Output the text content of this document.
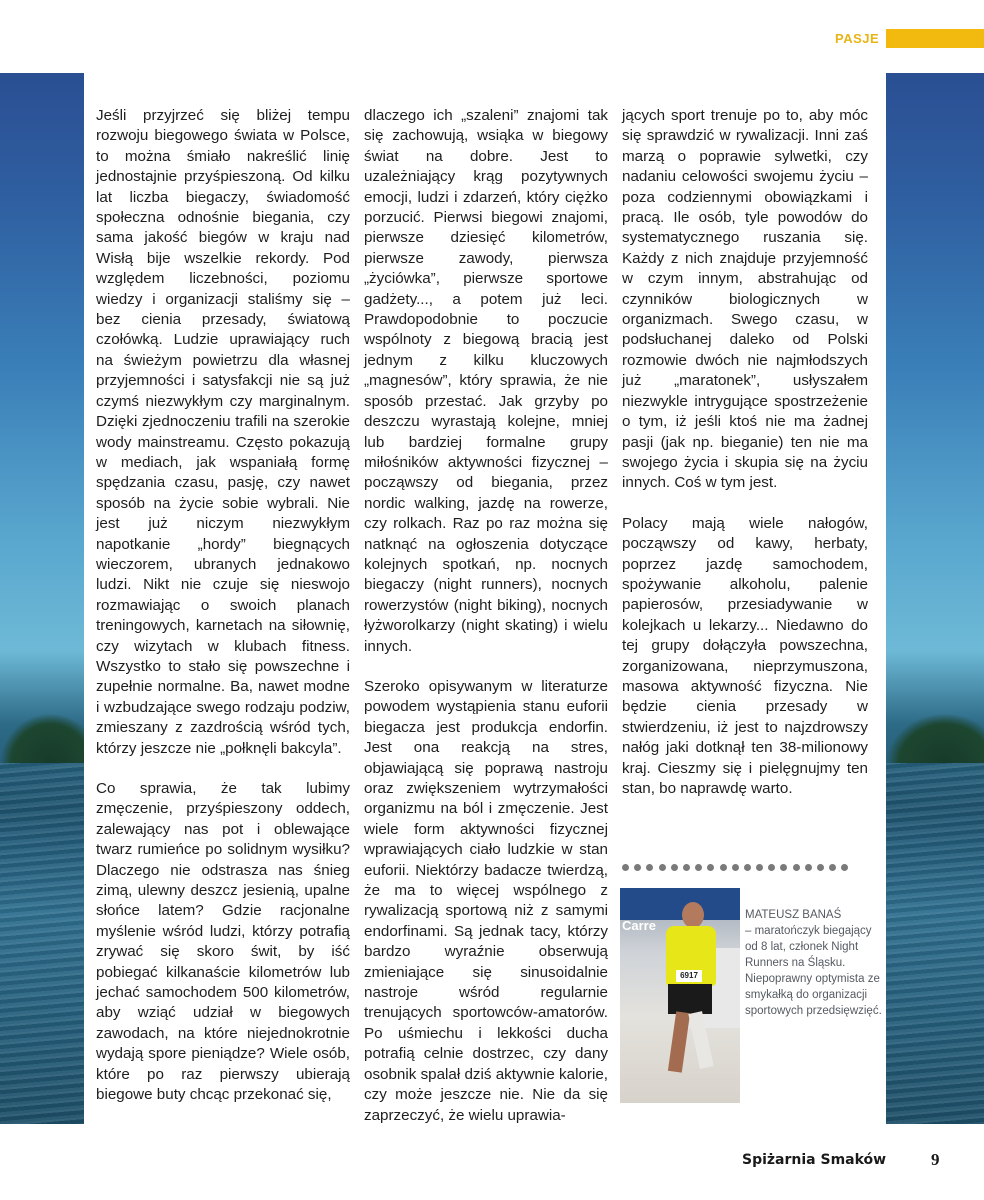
PASJE

Jeśli przyjrzeć się bliżej tempu rozwoju biegowego świata w Polsce, to można śmiało nakreślić linię jednostajnie przyśpieszoną. Od kilku lat liczba biegaczy, świadomość społeczna odnośnie biegania, czy sama jakość biegów w kraju nad Wisłą bije wszelkie rekordy. Pod względem liczebności, poziomu wiedzy i organizacji staliśmy się – bez cienia przesady, światową czołówką. Ludzie uprawiający ruch na świeżym powietrzu dla własnej przyjemności i satysfakcji nie są już czymś niezwykłym czy marginalnym. Dzięki zjednoczeniu trafili na szerokie wody mainstreamu. Często pokazują w mediach, jak wspaniałą formę spędzania czasu, pasję, czy nawet sposób na życie sobie wybrali. Nie jest już niczym niezwykłym napotkanie „hordy” biegnących wieczorem, ubranych jednakowo ludzi. Nikt nie czuje się nieswojo rozmawiając o swoich planach treningowych, karnetach na siłownię, czy wizytach w klubach fitness. Wszystko to stało się powszechne i zupełnie normalne. Ba, nawet modne i wzbudzające swego rodzaju podziw, zmieszany z zazdrością wśród tych, którzy jeszcze nie „połknęli bakcyla”.

Co sprawia, że tak lubimy zmęczenie, przyśpieszony oddech, zalewający nas pot i oblewające twarz rumieńce po solidnym wysiłku? Dlaczego nie odstrasza nas śnieg zimą, ulewny deszcz jesienią, upalne słońce latem? Gdzie racjonalne myślenie wśród ludzi, którzy potrafią zrywać się skoro świt, by iść pobiegać kilkanaście kilometrów lub jechać samochodem 500 kilometrów, aby wziąć udział w biegowych zawodach, na które niejednokrotnie wydają spore pieniądze? Wiele osób, które po raz pierwszy ubierają biegowe buty chcąc przekonać się,

dlaczego ich „szaleni” znajomi tak się zachowują, wsiąka w biegowy świat na dobre. Jest to uzależniający krąg pozytywnych emocji, ludzi i zdarzeń, który ciężko porzucić. Pierwsi biegowi znajomi, pierwsze dziesięć kilometrów, pierwsze zawody, pierwsza „życiówka”, pierwsze sportowe gadżety..., a potem już leci. Prawdopodobnie to poczucie wspólnoty z biegową bracią jest jednym z kilku kluczowych „magnesów”, który sprawia, że nie sposób przestać. Jak grzyby po deszczu wyrastają kolejne, mniej lub bardziej formalne grupy miłośników aktywności fizycznej – począwszy od biegania, przez nordic walking, jazdę na rowerze, czy rolkach. Raz po raz można się natknąć na ogłoszenia dotyczące kolejnych spotkań, np. nocnych biegaczy (night runners), nocnych rowerzystów (night biking), nocnych łyżworolkarzy (night skating) i wielu innych.

Szeroko opisywanym w literaturze powodem wystąpienia stanu euforii biegacza jest produkcja endorfin. Jest ona reakcją na stres, objawiającą się poprawą nastroju oraz zwiększeniem wytrzymałości organizmu na ból i zmęczenie. Jest wiele form aktywności fizycznej wprawiających ciało ludzkie w stan euforii. Niektórzy badacze twierdzą, że ma to więcej wspólnego z rywalizacją sportową niż z samymi endorfinami. Są jednak tacy, którzy bardzo wyraźnie obserwują zmieniające się sinusoidalnie nastroje wśród regularnie trenujących sportowców-amatorów. Po uśmiechu i lekkości ducha potrafią celnie dostrzec, czy dany osobnik spalał dziś aktywnie kalorie, czy może jeszcze nie. Nie da się zaprzeczyć, że wielu uprawia-

jących sport trenuje po to, aby móc się sprawdzić w rywalizacji. Inni zaś marzą o poprawie sylwetki, czy nadaniu celowości swojemu życiu – poza codziennymi obowiązkami i pracą. Ile osób, tyle powodów do systematycznego ruszania się. Każdy z nich znajduje przyjemność w czym innym, abstrahując od czynników biologicznych w organizmach. Swego czasu, w podsłuchanej daleko od Polski rozmowie dwóch nie najmłodszych już „maratonek”, usłyszałem niezwykle intrygujące spostrzeżenie o tym, iż jeśli ktoś nie ma żadnej pasji (jak np. bieganie) ten nie ma swojego życia i skupia się na życiu innych. Coś w tym jest.

Polacy mają wiele nałogów, począwszy od kawy, herbaty, poprzez jazdę samochodem, spożywanie alkoholu, palenie papierosów, przesiadywanie w kolejkach u lekarzy... Niedawno do tej grupy dołączyła powszechna, zorganizowana, nieprzymuszona, masowa aktywność fizyczna. Nie będzie cienia przesady w stwierdzeniu, iż jest to najzdrowszy nałóg jaki dotknął ten 38-milionowy kraj. Cieszmy się i pielęgnujmy ten stan, bo naprawdę warto.

Carre
6917
MATEUSZ BANAŚ
– maratończyk biegający od 8 lat, członek Night Runners na Śląsku. Niepoprawny optymista ze smykałką do organizacji sportowych przedsięwzięć.
Spiżarnia Smaków	9
